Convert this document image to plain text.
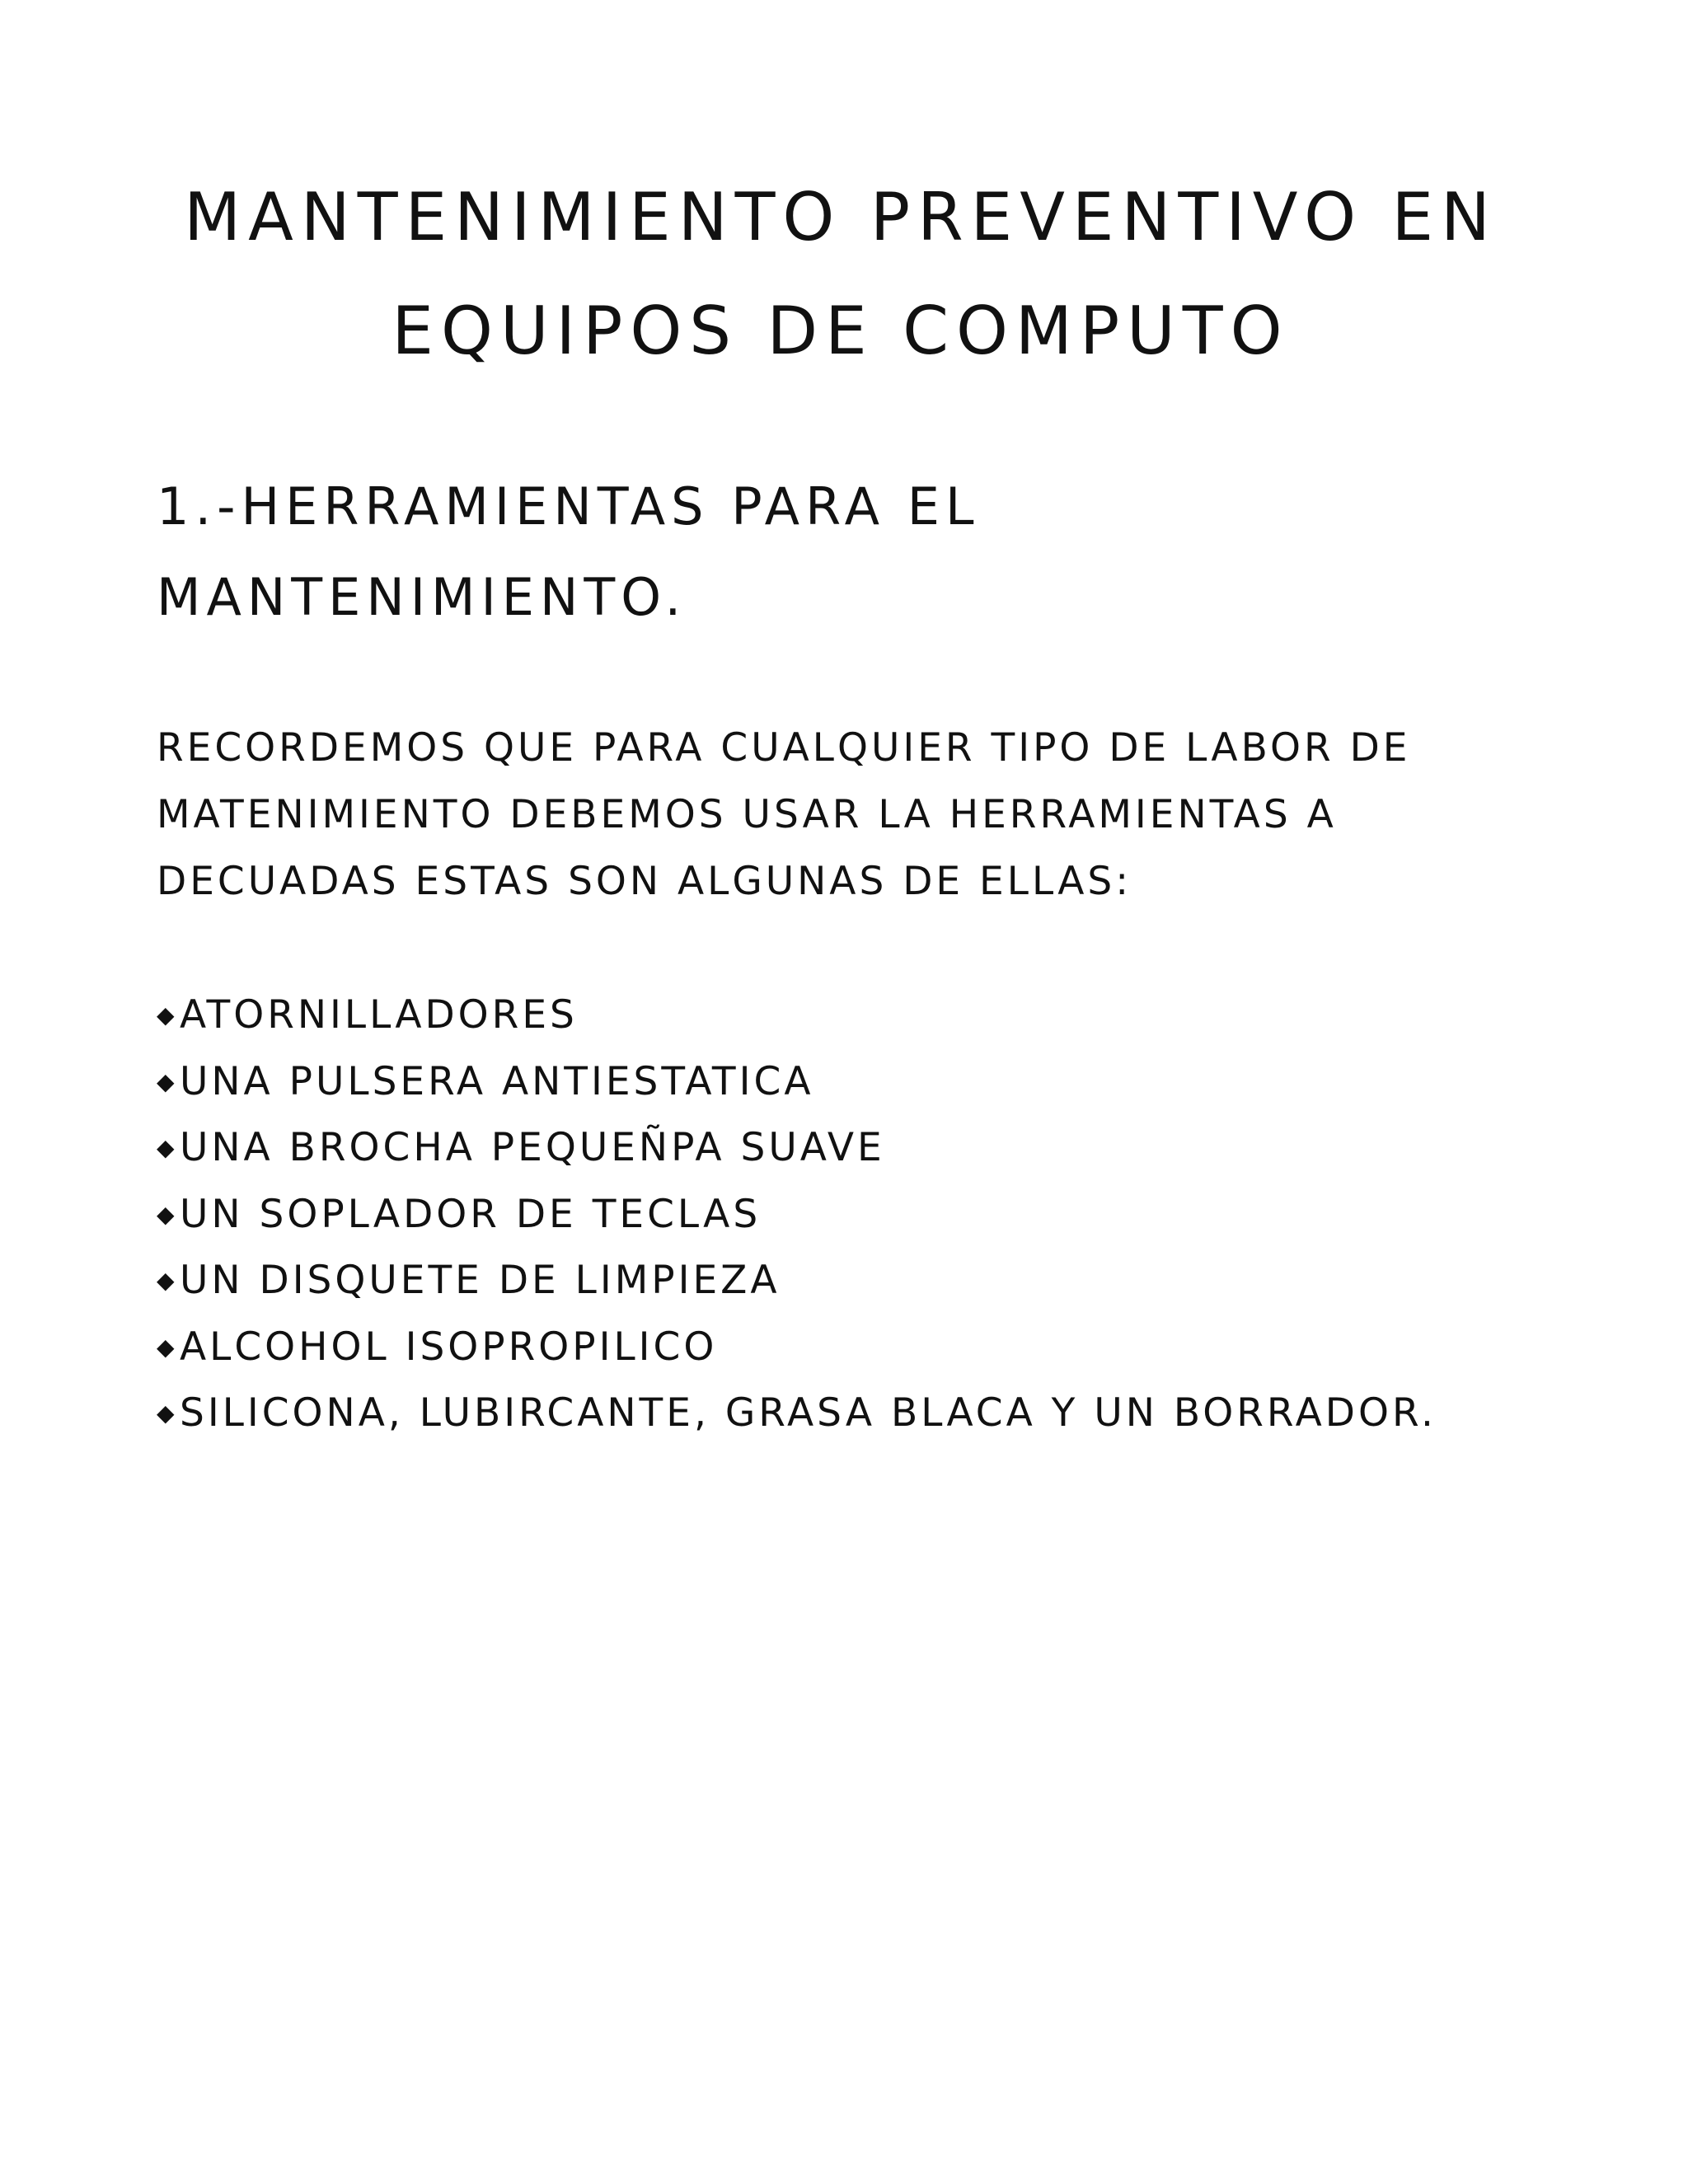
MANTENIMIENTO PREVENTIVO EN
EQUIPOS DE COMPUTO
1.-HERRAMIENTAS PARA EL
MANTENIMIENTO.

RECORDEMOS QUE PARA CUALQUIER TIPO DE LABOR DE
MATENIMIENTO DEBEMOS USAR LA HERRAMIENTAS A
DECUADAS ESTAS SON ALGUNAS DE ELLAS:

◆ ATORNILLADORES
◆ UNA PULSERA ANTIESTATICA
◆ UNA BROCHA PEQUEÑPA SUAVE
◆ UN SOPLADOR DE TECLAS
◆ UN DISQUETE DE LIMPIEZA
◆ ALCOHOL ISOPROPILICO
◆ SILICONA, LUBIRCANTE, GRASA BLACA Y UN BORRADOR.
